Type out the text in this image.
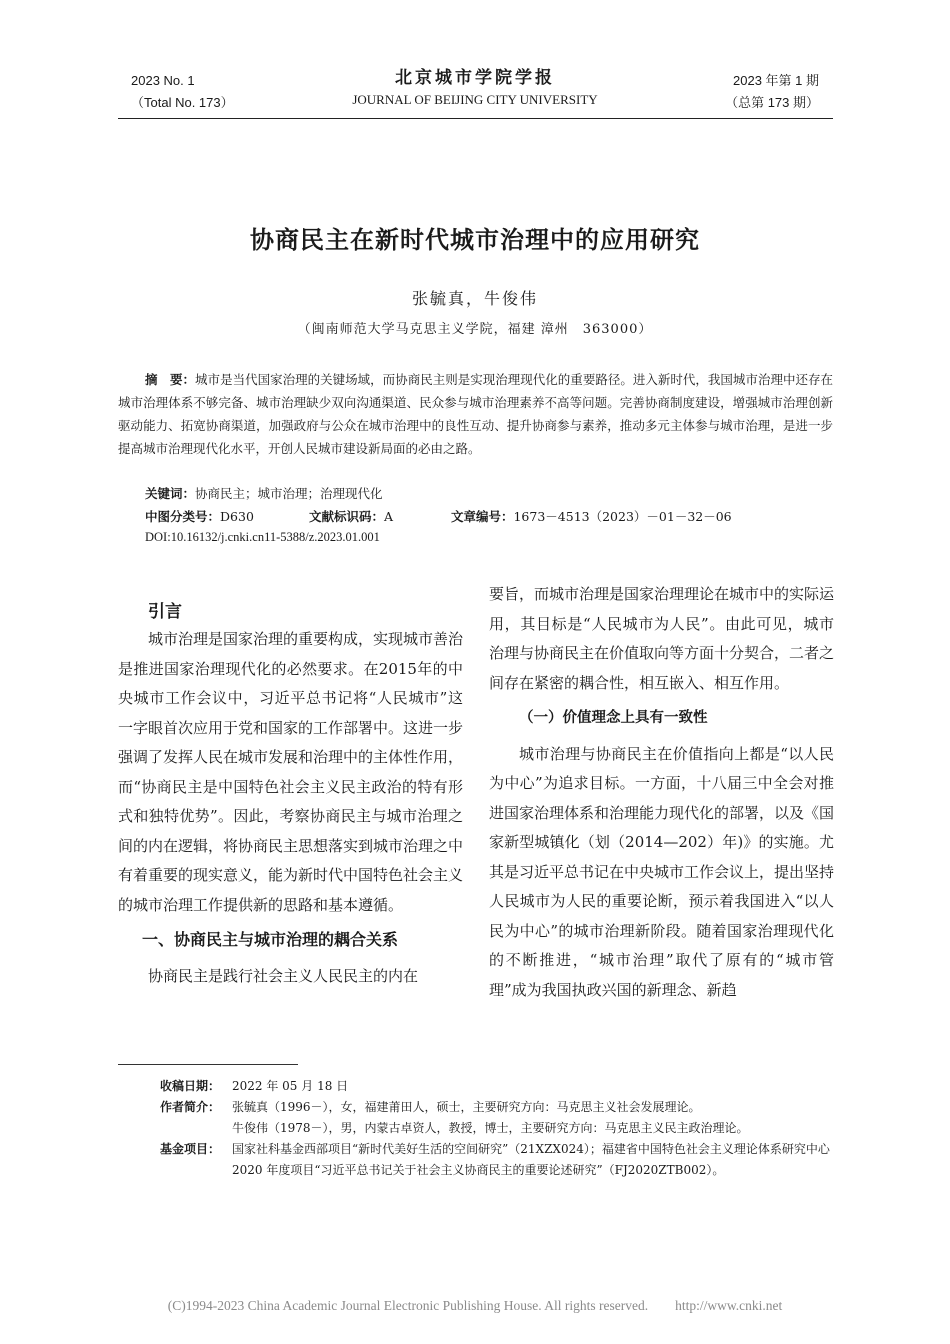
2023 No. 1
（Total No. 173）
北京城市学院学报
JOURNAL OF BEIJING CITY UNIVERSITY
2023 年第 1 期
（总第 173 期）
协商民主在新时代城市治理中的应用研究
张毓真，牛俊伟
（闽南师范大学马克思主义学院，福建 漳州　363000）
摘　要：城市是当代国家治理的关键场域，而协商民主则是实现治理现代化的重要路径。进入新时代，我国城市治理中还存在城市治理体系不够完备、城市治理缺少双向沟通渠道、民众参与城市治理素养不高等问题。完善协商制度建设，增强城市治理创新驱动能力、拓宽协商渠道，加强政府与公众在城市治理中的良性互动、提升协商参与素养，推动多元主体参与城市治理，是进一步提高城市治理现代化水平，开创人民城市建设新局面的必由之路。
关键词：协商民主；城市治理；治理现代化
中图分类号：D630	文献标识码：A	文章编号：1673－4513（2023）－01－32－06
DOI:10.16132/j.cnki.cn11-5388/z.2023.01.001
引言

城市治理是国家治理的重要构成，实现城市善治是推进国家治理现代化的必然要求。在2015年的中央城市工作会议中，习近平总书记将“人民城市”这一字眼首次应用于党和国家的工作部署中。这进一步强调了发挥人民在城市发展和治理中的主体性作用，而“协商民主是中国特色社会主义民主政治的特有形式和独特优势”。因此，考察协商民主与城市治理之间的内在逻辑，将协商民主思想落实到城市治理之中有着重要的现实意义，能为新时代中国特色社会主义的城市治理工作提供新的思路和基本遵循。

一、协商民主与城市治理的耦合关系

协商民主是践行社会主义人民民主的内在

要旨，而城市治理是国家治理理论在城市中的实际运用，其目标是“人民城市为人民”。由此可见，城市治理与协商民主在价值取向等方面十分契合，二者之间存在紧密的耦合性，相互嵌入、相互作用。

（一）价值理念上具有一致性

城市治理与协商民主在价值指向上都是“以人民为中心”为追求目标。一方面，十八届三中全会对推进国家治理体系和治理能力现代化的部署，以及《国家新型城镇化（划（2014—202）年)》的实施。尤其是习近平总书记在中央城市工作会议上，提出坚持人民城市为人民的重要论断，预示着我国进入“以人民为中心”的城市治理新阶段。随着国家治理现代化的不断推进，“城市治理”取代了原有的“城市管理”成为我国执政兴国的新理念、新趋

收稿日期： 2022 年 05 月 18 日
作者简介： 张毓真（1996－），女，福建莆田人，硕士，主要研究方向：马克思主义社会发展理论。
牛俊伟（1978－），男，内蒙古卓资人，教授，博士，主要研究方向：马克思主义民主政治理论。
基金项目： 国家社科基金西部项目“新时代美好生活的空间研究”（21XZX024）；福建省中国特色社会主义理论体系研究中心 2020 年度项目“习近平总书记关于社会主义协商民主的重要论述研究”（FJ2020ZTB002）。
(C)1994-2023 China Academic Journal Electronic Publishing House. All rights reserved.　　http://www.cnki.net
